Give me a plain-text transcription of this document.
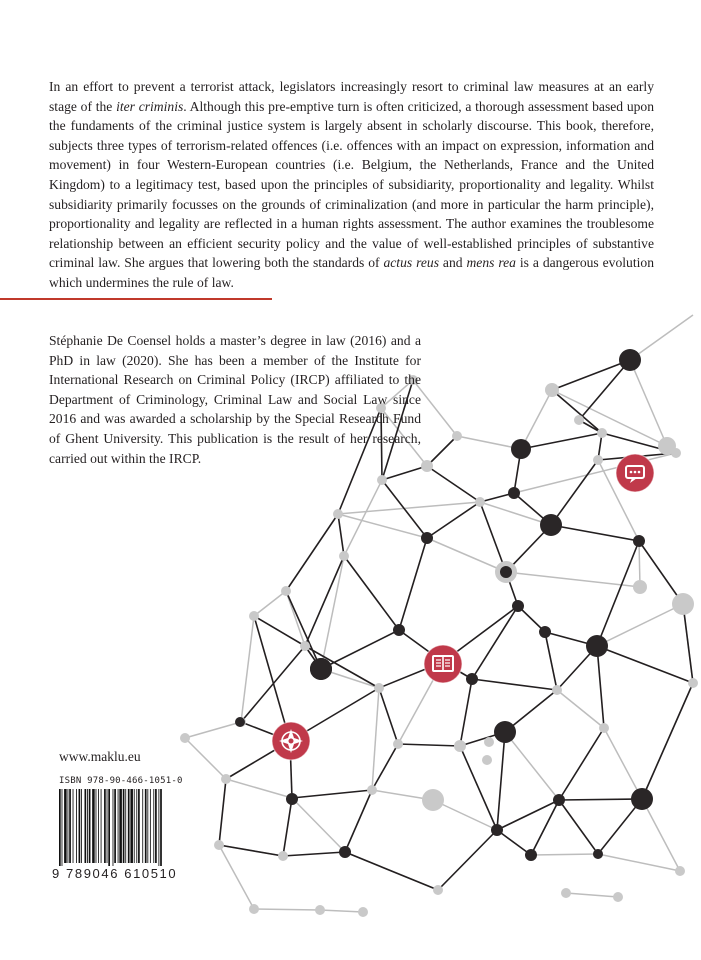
In an effort to prevent a terrorist attack, legislators increasingly resort to criminal law measures at an early stage of the iter criminis. Although this pre-emptive turn is often criticized, a thorough assessment based upon the fundaments of the criminal justice system is largely absent in scholarly discourse. This book, therefore, subjects three types of terrorism-related offences (i.e. offences with an impact on expression, information and movement) in four Western-European countries (i.e. Belgium, the Netherlands, France and the United Kingdom) to a legitimacy test, based upon the principles of subsidiarity, proportionality and legality. Whilst subsidiarity primarily focusses on the grounds of criminalization (and more in particular the harm principle), proportionality and legality are reflected in a human rights assessment. The author examines the troublesome relationship between an efficient security policy and the value of well-established principles of substantive criminal law. She argues that lowering both the standards of actus reus and mens rea is a dangerous evolution which undermines the rule of law.

Stéphanie De Coensel holds a master’s degree in law (2016) and a PhD in law (2020). She has been a member of the Institute for International Research on Criminal Policy (IRCP) affiliated to the Department of Criminology, Criminal Law and Social Law since 2016 and was awarded a scholarship by the Special Research Fund of Ghent University. This publication is the result of her research, carried out within the IRCP.

www.maklu.eu
ISBN 978-90-466-1051-0
9 789046 610510
